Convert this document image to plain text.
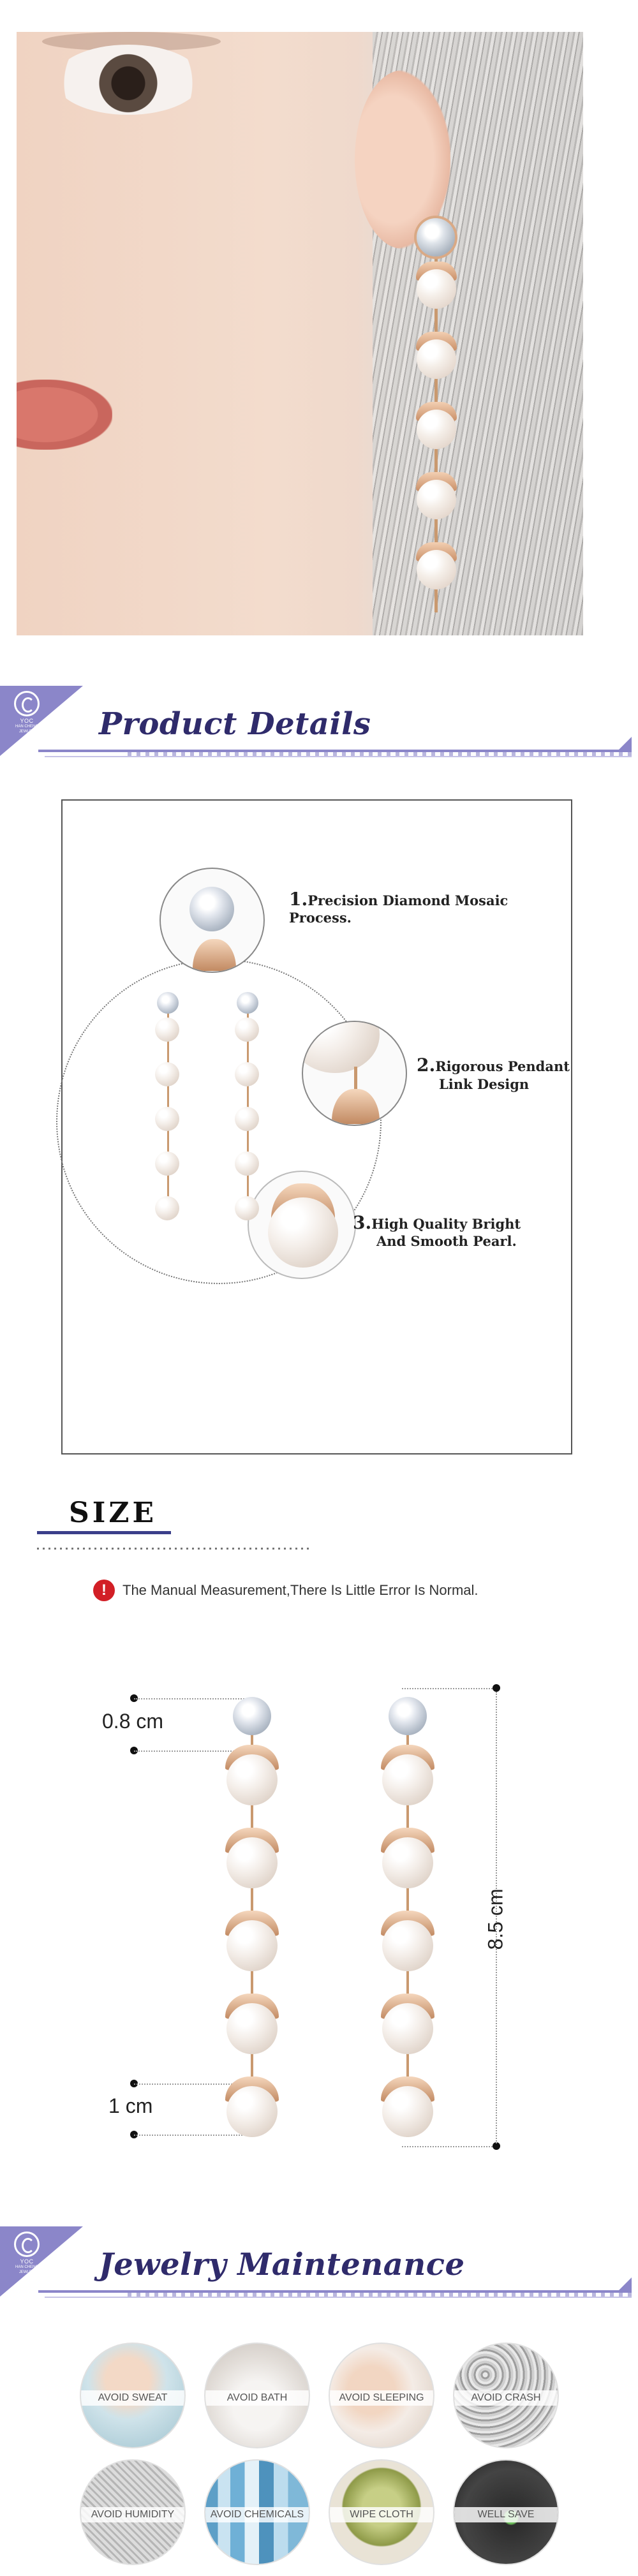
YOC
HAN CHENG
JEWLRY	Product Details
1.Precision Diamond Mosaic Process.
2.Rigorous Pendant
Link Design
3.High Quality Bright
And Smooth Pearl.
SIZE
!	The Manual Measurement,There Is Little Error Is Normal.
0.8 cm
1 cm
8.5 cm
YOC
HAN CHENG
JEWLRY	Jewelry Maintenance
AVOID SWEAT	AVOID BATH	AVOID SLEEPING	AVOID CRASH
AVOID HUMIDITY	AVOID CHEMICALS	WIPE CLOTH	WELL SAVE
